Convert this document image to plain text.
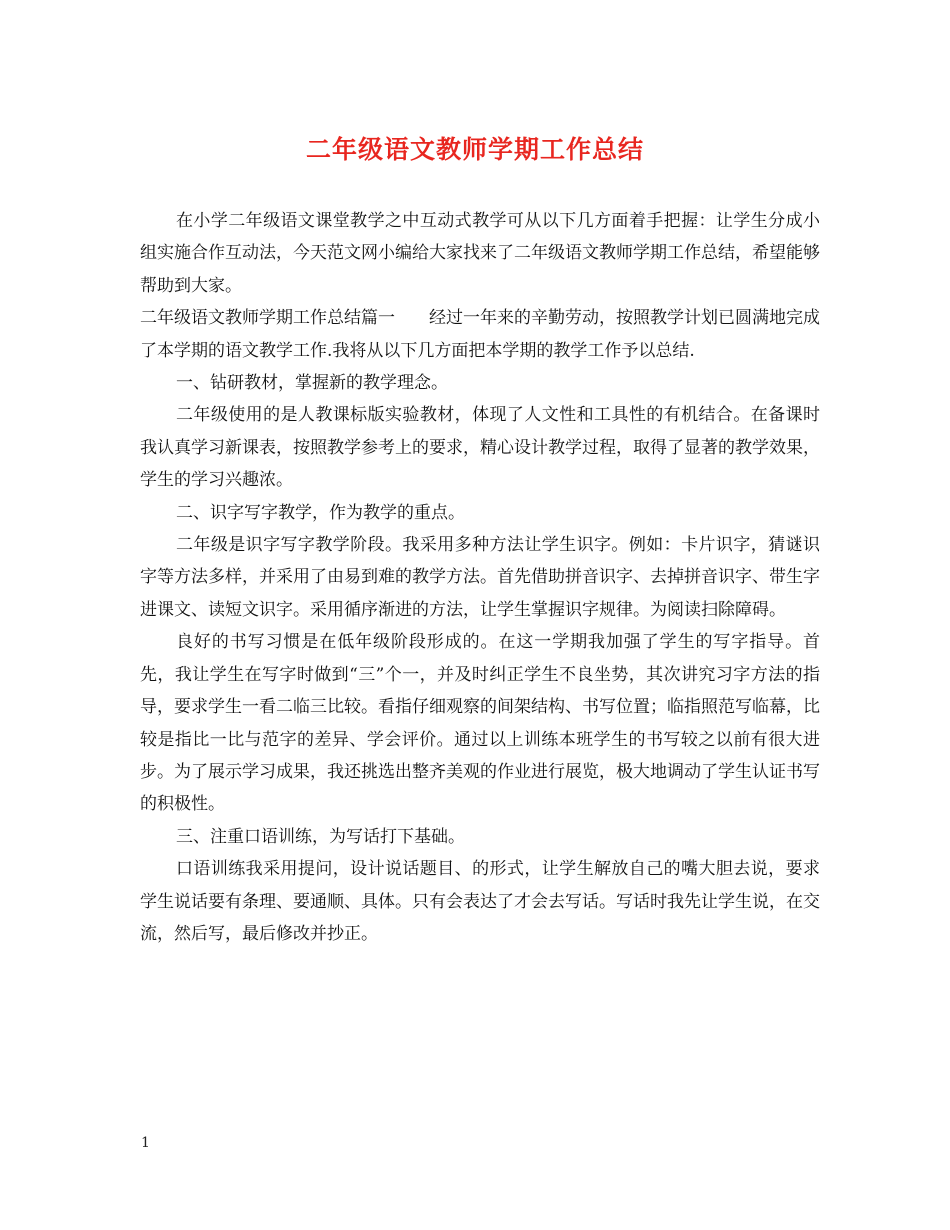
二年级语文教师学期工作总结

在小学二年级语文课堂教学之中互动式教学可从以下几方面着手把握：让学生分成小组实施合作互动法，今天范文网小编给大家找来了二年级语文教师学期工作总结，希望能够帮助到大家。

二年级语文教师学期工作总结篇一　　经过一年来的辛勤劳动，按照教学计划已圆满地完成了本学期的语文教学工作.我将从以下几方面把本学期的教学工作予以总结.

一、钻研教材，掌握新的教学理念。

二年级使用的是人教课标版实验教材，体现了人文性和工具性的有机结合。在备课时我认真学习新课表，按照教学参考上的要求，精心设计教学过程，取得了显著的教学效果，学生的学习兴趣浓。

二、识字写字教学，作为教学的重点。

二年级是识字写字教学阶段。我采用多种方法让学生识字。例如：卡片识字，猜谜识字等方法多样，并采用了由易到难的教学方法。首先借助拼音识字、去掉拼音识字、带生字进课文、读短文识字。采用循序渐进的方法，让学生掌握识字规律。为阅读扫除障碍。

良好的书写习惯是在低年级阶段形成的。在这一学期我加强了学生的写字指导。首先，我让学生在写字时做到“三”个一，并及时纠正学生不良坐势，其次讲究习字方法的指导，要求学生一看二临三比较。看指仔细观察的间架结构、书写位置；临指照范写临幕，比较是指比一比与范字的差异、学会评价。通过以上训练本班学生的书写较之以前有很大进步。为了展示学习成果，我还挑选出整齐美观的作业进行展览，极大地调动了学生认证书写的积极性。

三、注重口语训练，为写话打下基础。

口语训练我采用提问，设计说话题目、的形式，让学生解放自己的嘴大胆去说，要求学生说话要有条理、要通顺、具体。只有会表达了才会去写话。写话时我先让学生说，在交流，然后写，最后修改并抄正。

1
